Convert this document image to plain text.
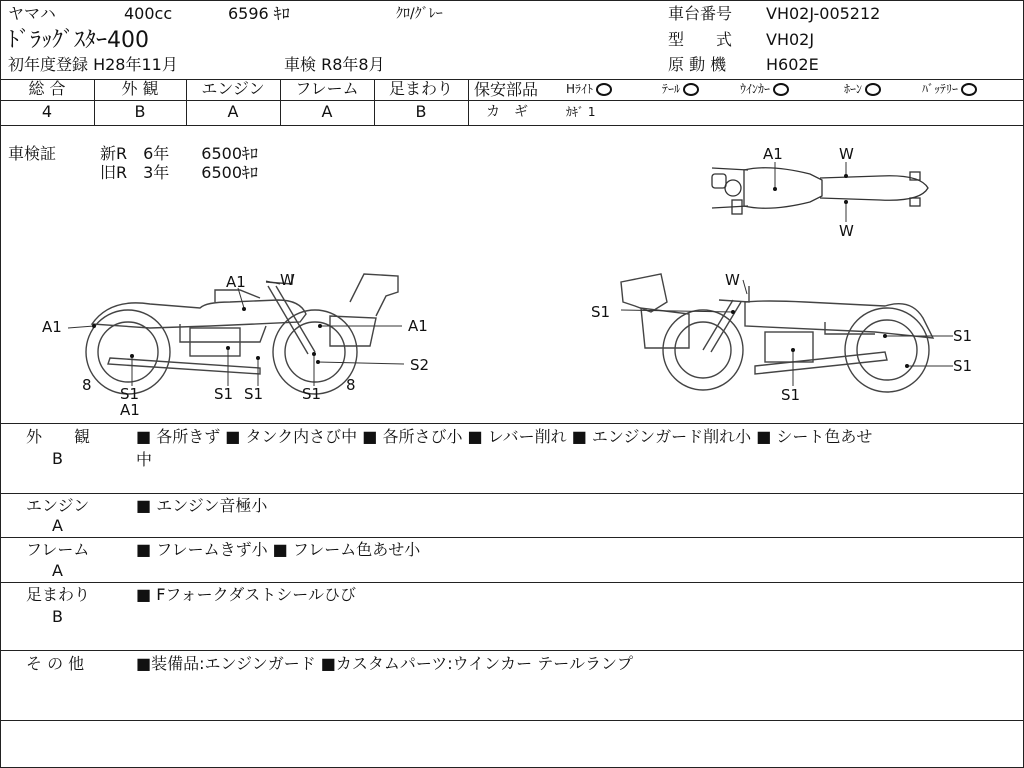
ヤマハ	400cc	6596 ｷﾛ	ｸﾛ/ｸﾞﾚｰ
ﾄﾞﾗｯｸﾞｽﾀｰ400
初年度登録 H28年11月	車検 R8年8月
車台番号 VH02J-005212
型　　式 VH02J
原 動 機 H602E
総 合	外 観	エンジン	フレーム	足まわり
4	B	A	A	B
保安部品 Hﾗｲﾄ	ﾃｰﾙ	ｳｲﾝｶｰ	ﾎｰﾝ	ﾊﾞｯﾃﾘｰ
カ　ギ	ｶｷﾞ 1
車検証	新R　6年　　6500ｷﾛ
旧R　3年　　6500ｷﾛ
A1	W
W
A1
W
A1
A1
8 S1
A1
S1 S1	S1 8
S2
W
S1
S1
S1
S1
外　　観
B
■ 各所きず ■ タンク内さび中 ■ 各所さび小 ■ レバー削れ ■ エンジンガード削れ小 ■ シート色あせ
中
エンジン
A
■ エンジン音極小
フレーム
A
■ フレームきず小 ■ フレーム色あせ小
足まわり
B
■ Fフォークダストシールひび
そ の 他	■装備品:エンジンガード ■カスタムパーツ:ウインカー テールランプ
